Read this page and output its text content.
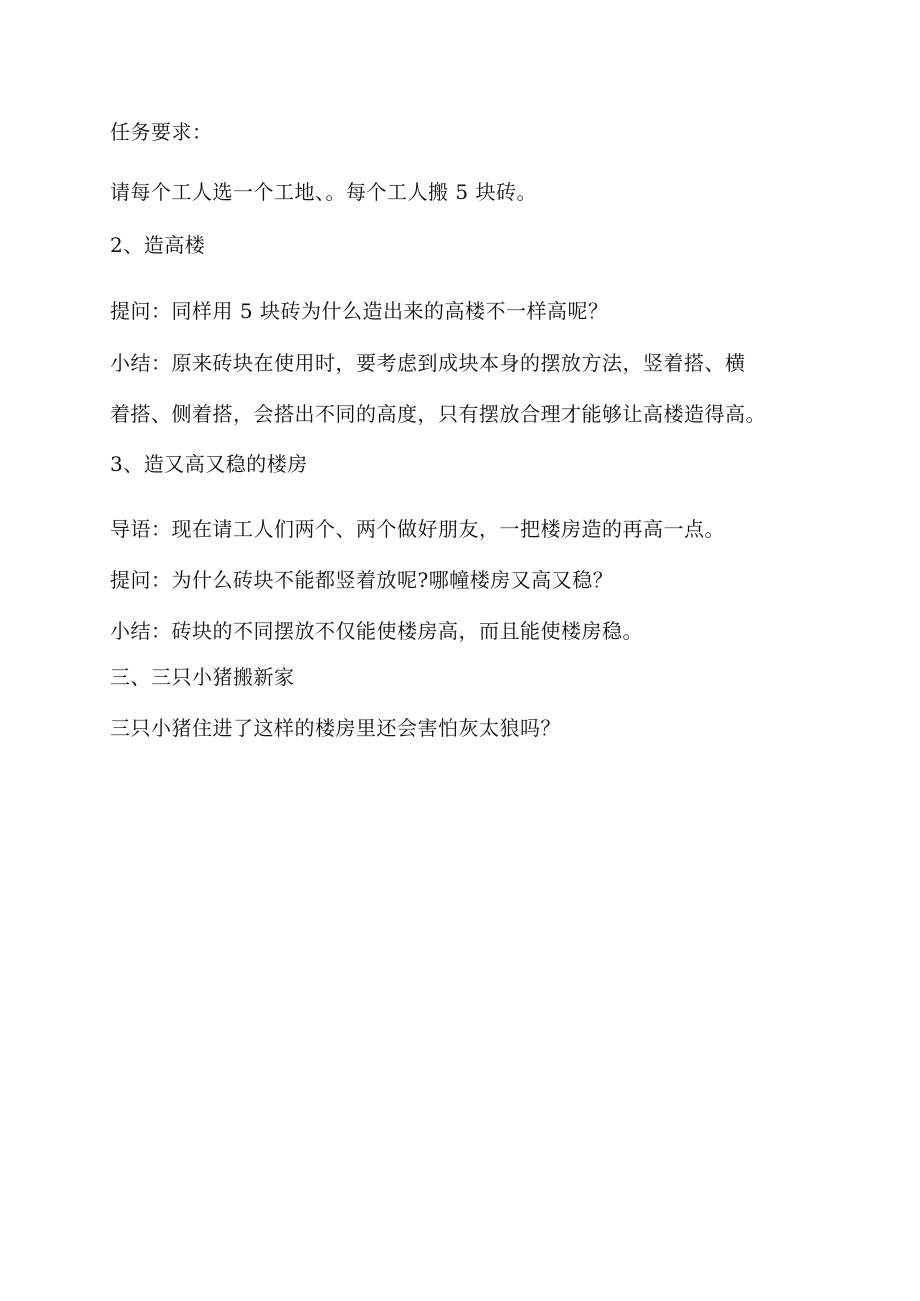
任务要求：
请每个工人选一个工地、。每个工人搬 5 块砖。
2、造高楼
提问：同样用 5 块砖为什么造出来的高楼不一样高呢？
小结：原来砖块在使用时，要考虑到成块本身的摆放方法，竖着搭、横
着搭、侧着搭，会搭出不同的高度，只有摆放合理才能够让高楼造得高。
3、造又高又稳的楼房
导语：现在请工人们两个、两个做好朋友，一把楼房造的再高一点。
提问：为什么砖块不能都竖着放呢?哪幢楼房又高又稳？
小结：砖块的不同摆放不仅能使楼房高，而且能使楼房稳。
三、三只小猪搬新家
三只小猪住进了这样的楼房里还会害怕灰太狼吗？
